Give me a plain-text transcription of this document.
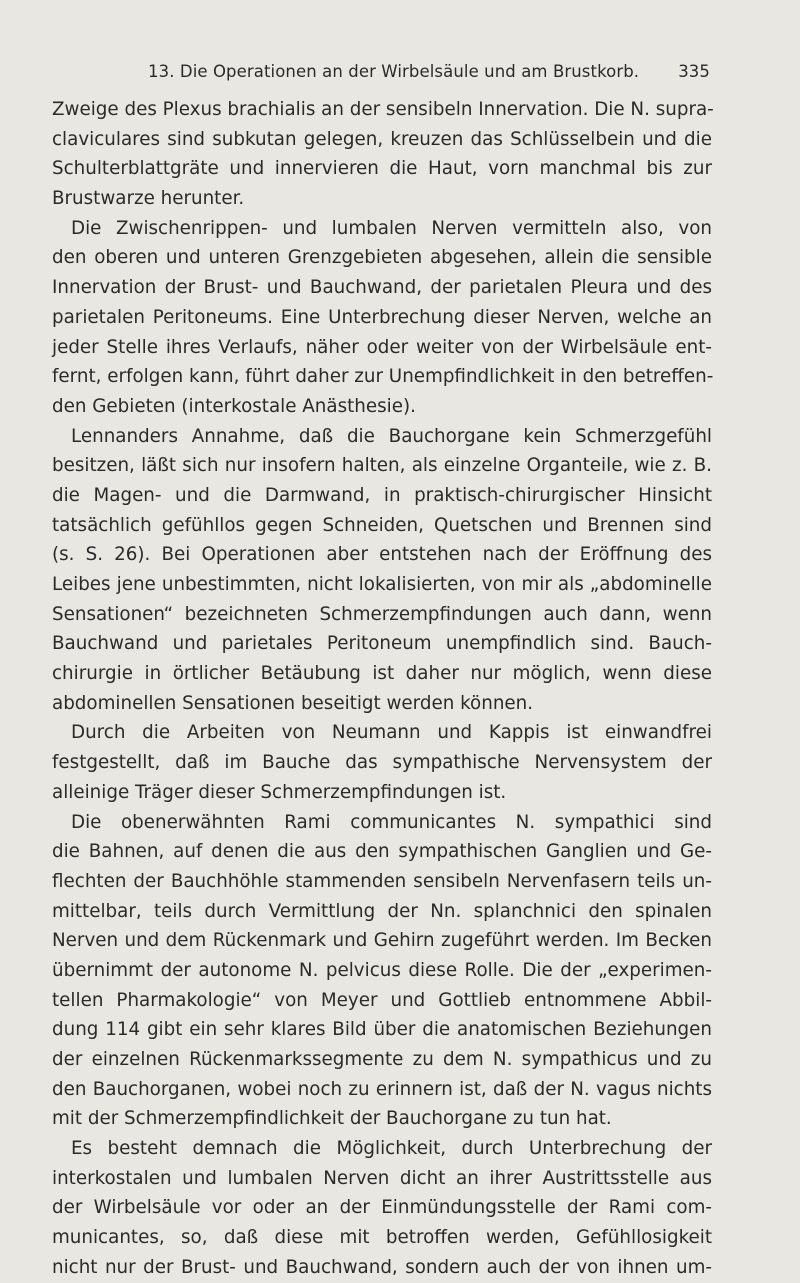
13. Die Operationen an der Wirbelsäule und am Brustkorb. 335
Zweige des Plexus brachialis an der sensibeln Innervation. Die N. supra-
claviculares sind subkutan gelegen, kreuzen das Schlüsselbein und die
Schulterblattgräte und innervieren die Haut, vorn manchmal bis zur
Brustwarze herunter.
Die Zwischenrippen- und lumbalen Nerven vermitteln also, von
den oberen und unteren Grenzgebieten abgesehen, allein die sensible
Innervation der Brust- und Bauchwand, der parietalen Pleura und des
parietalen Peritoneums. Eine Unterbrechung dieser Nerven, welche an
jeder Stelle ihres Verlaufs, näher oder weiter von der Wirbelsäule ent-
fernt, erfolgen kann, führt daher zur Unempfindlichkeit in den betreffen-
den Gebieten (interkostale Anästhesie).
Lennanders Annahme, daß die Bauchorgane kein Schmerzgefühl
besitzen, läßt sich nur insofern halten, als einzelne Organteile, wie z. B.
die Magen- und die Darmwand, in praktisch-chirurgischer Hinsicht
tatsächlich gefühllos gegen Schneiden, Quetschen und Brennen sind
(s. S. 26). Bei Operationen aber entstehen nach der Eröffnung des
Leibes jene unbestimmten, nicht lokalisierten, von mir als „abdominelle
Sensationen“ bezeichneten Schmerzempfindungen auch dann, wenn
Bauchwand und parietales Peritoneum unempfindlich sind. Bauch-
chirurgie in örtlicher Betäubung ist daher nur möglich, wenn diese
abdominellen Sensationen beseitigt werden können.
Durch die Arbeiten von Neumann und Kappis ist einwandfrei
festgestellt, daß im Bauche das sympathische Nervensystem der
alleinige Träger dieser Schmerzempfindungen ist.
Die obenerwähnten Rami communicantes N. sympathici sind
die Bahnen, auf denen die aus den sympathischen Ganglien und Ge-
flechten der Bauchhöhle stammenden sensibeln Nervenfasern teils un-
mittelbar, teils durch Vermittlung der Nn. splanchnici den spinalen
Nerven und dem Rückenmark und Gehirn zugeführt werden. Im Becken
übernimmt der autonome N. pelvicus diese Rolle. Die der „experimen-
tellen Pharmakologie“ von Meyer und Gottlieb entnommene Abbil-
dung 114 gibt ein sehr klares Bild über die anatomischen Beziehungen
der einzelnen Rückenmarkssegmente zu dem N. sympathicus und zu
den Bauchorganen, wobei noch zu erinnern ist, daß der N. vagus nichts
mit der Schmerzempfindlichkeit der Bauchorgane zu tun hat.
Es besteht demnach die Möglichkeit, durch Unterbrechung der
interkostalen und lumbalen Nerven dicht an ihrer Austrittsstelle aus
der Wirbelsäule vor oder an der Einmündungsstelle der Rami com-
municantes, so, daß diese mit betroffen werden, Gefühllosigkeit
nicht nur der Brust- und Bauchwand, sondern auch der von ihnen um-
